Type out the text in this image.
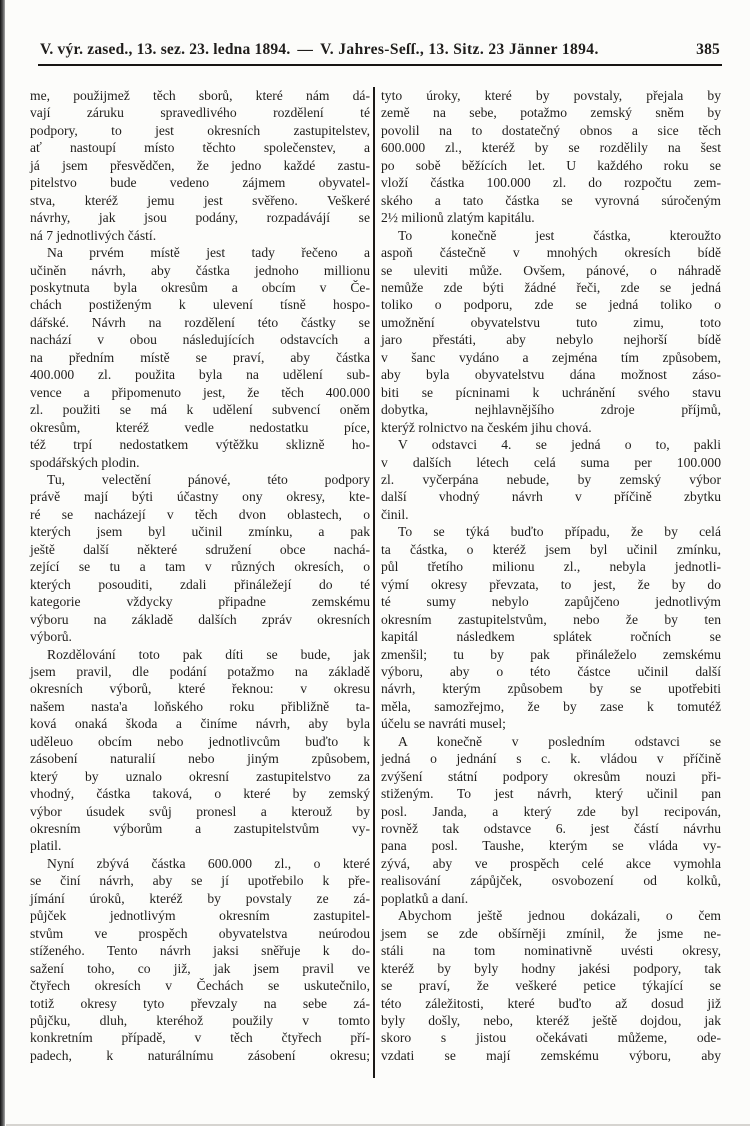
V. výr. zased., 13. sez. 23. ledna 1894. — V. Jahres-Seſſ., 13. Sitz. 23 Jänner 1894.	385
me, použijmež těch sborů, které nám dá-
vají záruku spravedlivého rozdělení té
podpory, to jest okresních zastupitelstev,
ať nastoupí místo těchto společenstev, a
já jsem přesvědčen, že jedno každé zastu-
pitelstvo bude vedeno zájmem obyvatel-
stva, kteréž jemu jest svěřeno. Veškeré
návrhy, jak jsou podány, rozpadávájí se
ná 7 jednotlivých částí.
Na prvém místě jest tady řečeno a
učiněn návrh, aby částka jednoho millionu
poskytnuta byla okresům a obcím v Če-
chách postiženým k ulevení tísně hospo-
dářské. Návrh na rozdělení této částky se
nachází v obou následujících odstavcích a
na předním místě se praví, aby částka
400.000 zl. použita byla na udělení sub-
vence a připomenuto jest, že těch 400.000
zl. použiti se má k udělení subvencí oněm
okresům, kteréž vedle nedostatku píce,
též trpí nedostatkem výtěžku sklizně ho-
spodářských plodin.
Tu, velectění pánové, této podpory
právě mají býti účastny ony okresy, kte-
ré se nacházejí v těch dvon oblastech, o
kterých jsem byl učinil zmínku, a pak
ještě další některé sdružení obce nachá-
zející se tu a tam v různých okresích, o
kterých posouditi, zdali přináležejí do té
kategorie vždycky připadne zemskému
výboru na základě dalších zpráv okresních
výborů.
Rozdělování toto pak díti se bude, jak
jsem pravil, dle podání potažmo na základě
okresních výborů, které řeknou: v okresu
našem nasta'a loňského roku přibližně ta-
ková onaká škoda a činíme návrh, aby byla
uděleuo obcím nebo jednotlivcům buďto k
zásobení naturalií nebo jiným způsobem,
který by uznalo okresní zastupitelstvo za
vhodný, částka taková, o které by zemský
výbor úsudek svůj pronesl a kterouž by
okresním výborům a zastupitelstvům vy-
platil.
Nyní zbývá částka 600.000 zl., o které
se činí návrh, aby se jí upotřebilo k pře-
jímání úroků, kteréž by povstaly ze zá-
půjček jednotlivým okresním zastupitel-
stvům ve prospěch obyvatelstva neúrodou
stíženého. Tento návrh jaksi sněřuje k do-
sažení toho, co již, jak jsem pravil ve
čtyřech okresích v Čechách se uskutečnilo,
totiž okresy tyto převzaly na sebe zá-
půjčku, dluh, kteréhož použily v tomto
konkretním případě, v těch čtyřech pří-
padech, k naturálnímu zásobení okresu;
tyto úroky, které by povstaly, přejala by
země na sebe, potažmo zemský sněm by
povolil na to dostatečný obnos a sice těch
600.000 zl., kteréž by se rozdělily na šest
po sobě běžících let. U každého roku se
vloží částka 100.000 zl. do rozpočtu zem-
ského a tato částka se vyrovná súročeným
2½ milionů zlatým kapitálu.
To konečně jest částka, kteroužto
aspoň částečně v mnohých okresích bídě
se uleviti může. Ovšem, pánové, o náhradě
nemůže zde býti žádné řeči, zde se jedná
toliko o podporu, zde se jedná toliko o
umožnění obyvatelstvu tuto zimu, toto
jaro přestáti, aby nebylo nejhorší bídě
v šanc vydáno a zejména tím způsobem,
aby byla obyvatelstvu dána možnost záso-
biti se pícninami k uchránění svého stavu
dobytka, nejhlavnějšího zdroje příjmů,
kterýž rolnictvo na českém jihu chová.
V odstavci 4. se jedná o to, pakli
v dalších létech celá suma per 100.000
zl. vyčerpána nebude, by zemský výbor
další vhodný návrh v příčině zbytku
činil.
To se týká buďto případu, že by celá
ta částka, o kteréž jsem byl učinil zmínku,
půl třetího milionu zl., nebyla jednotli-
výmí okresy převzata, to jest, že by do
té sumy nebylo zapůjčeno jednotlivým
okresním zastupitelstvům, nebo že by ten
kapitál následkem splátek ročních se
zmenšil; tu by pak přináleželo zemskému
výboru, aby o této částce učinil další
návrh, kterým způsobem by se upotřebiti
měla, samozřejmo, že by zase k tomutéž
účelu se navráti musel;
A konečně v posledním odstavci se
jedná o jednání s c. k. vládou v příčině
zvýšení státní podpory okresům nouzi při-
stiženým. To jest návrh, který učinil pan
posl. Janda, a který zde byl recipován,
rovněž tak odstavce 6. jest částí návrhu
pana posl. Taushe, kterým se vláda vy-
zývá, aby ve prospěch celé akce vymohla
realisování zápůjček, osvobození od kolků,
poplatků a daní.
Abychom ještě jednou dokázali, o čem
jsem se zde obšírněji zmínil, že jsme ne-
stáli na tom nominativně uvésti okresy,
kteréž by byly hodny jakési podpory, tak
se praví, že veškeré petice týkající se
této záležitosti, které buďto až dosud již
byly došly, nebo, kteréž ještě dojdou, jak
skoro s jistou očekávati můžeme, ode-
vzdati se mají zemskému výboru, aby
